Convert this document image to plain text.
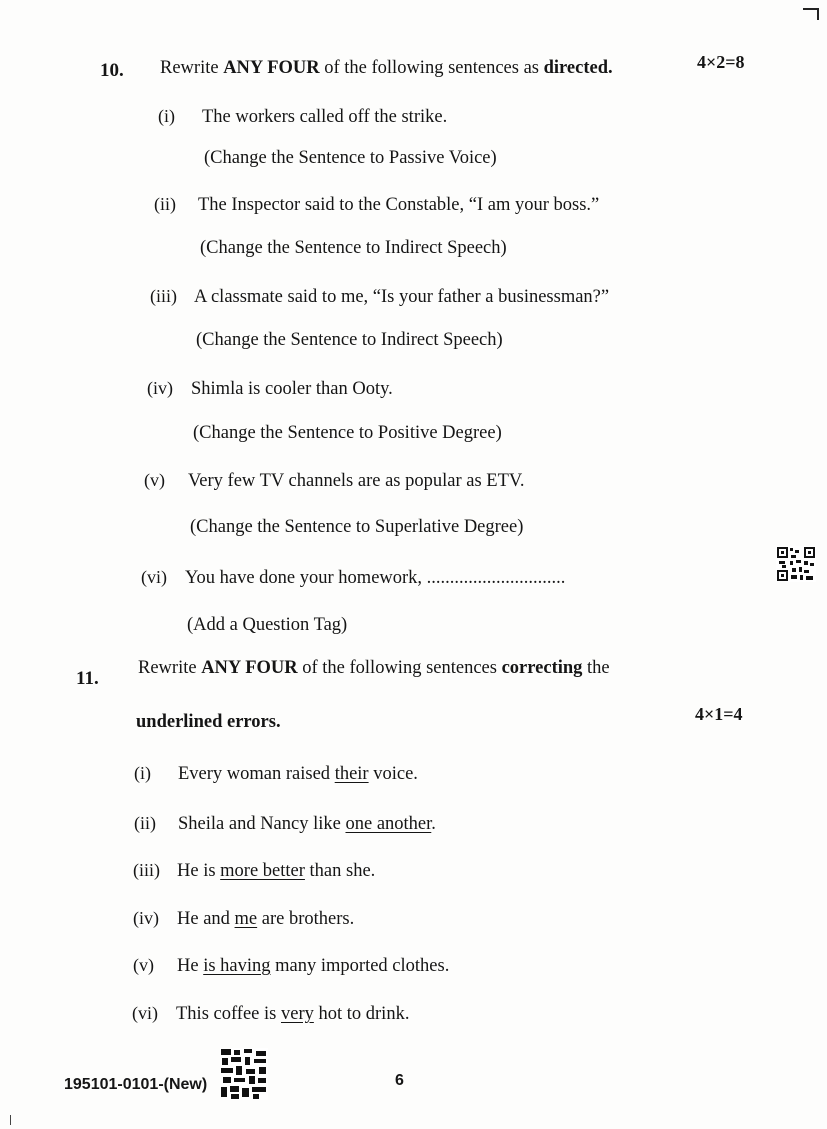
10. Rewrite ANY FOUR of the following sentences as directed.	4×2=8
(i) The workers called off the strike.
(Change the Sentence to Passive Voice)
(ii) The Inspector said to the Constable, “I am your boss.”
(Change the Sentence to Indirect Speech)
(iii) A classmate said to me, “Is your father a businessman?”
(Change the Sentence to Indirect Speech)
(iv) Shimla is cooler than Ooty.
(Change the Sentence to Positive Degree)
(v) Very few TV channels are as popular as ETV.
(Change the Sentence to Superlative Degree)
(vi) You have done your homework, ..............................
(Add a Question Tag)
11. Rewrite ANY FOUR of the following sentences correcting the
underlined errors.	4×1=4
(i) Every woman raised their voice.
(ii) Sheila and Nancy like one another.
(iii) He is more better than she.
(iv) He and me are brothers.
(v) He is having many imported clothes.
(vi) This coffee is very hot to drink.
195101-0101-(New)	6
